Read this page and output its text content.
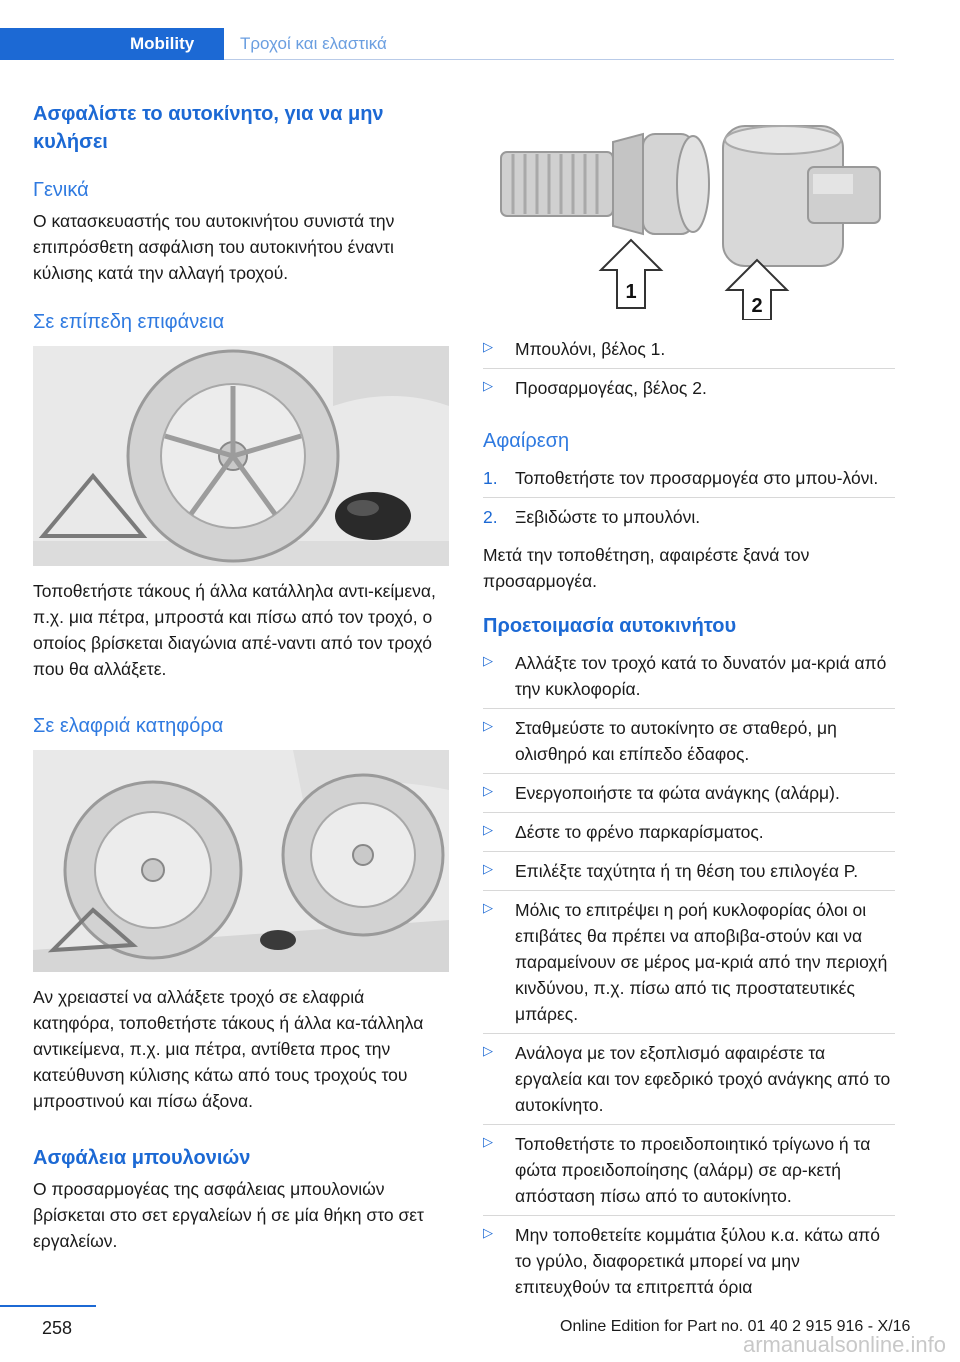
Mobility	Τροχοί και ελαστικά
Ασφαλίστε το αυτοκίνητο, για να μην κυλήσει
Γενικά

Ο κατασκευαστής του αυτοκινήτου συνιστά την επιπρόσθετη ασφάλιση του αυτοκινήτου έναντι κύλισης κατά την αλλαγή τροχού.

Σε επίπεδη επιφάνεια

Τοποθετήστε τάκους ή άλλα κατάλληλα αντι-κείμενα, π.χ. μια πέτρα, μπροστά και πίσω από τον τροχό, ο οποίος βρίσκεται διαγώνια απέ-ναντι από τον τροχό που θα αλλάξετε.

Σε ελαφριά κατηφόρα

Αν χρειαστεί να αλλάξετε τροχό σε ελαφριά κατηφόρα, τοποθετήστε τάκους ή άλλα κα-τάλληλα αντικείμενα, π.χ. μια πέτρα, αντίθετα προς την κατεύθυνση κύλισης κάτω από τους τροχούς του μπροστινού και πίσω άξονα.

Ασφάλεια μπουλονιών

Ο προσαρμογέας της ασφάλειας μπουλονιών βρίσκεται στο σετ εργαλείων ή σε μία θήκη στο σετ εργαλείων.

1
2
▷ Μπουλόνι, βέλος 1.
▷ Προσαρμογέας, βέλος 2.
Αφαίρεση
1. Τοποθετήστε τον προσαρμογέα στο μπου-λόνι.
2. Ξεβιδώστε το μπουλόνι.

Μετά την τοποθέτηση, αφαιρέστε ξανά τον προσαρμογέα.

Προετοιμασία αυτοκινήτου
▷ Αλλάξτε τον τροχό κατά το δυνατόν μα-κριά από την κυκλοφορία.
▷ Σταθμεύστε το αυτοκίνητο σε σταθερό, μη ολισθηρό και επίπεδο έδαφος.
▷ Ενεργοποιήστε τα φώτα ανάγκης (αλάρμ).
▷ Δέστε το φρένο παρκαρίσματος.
▷ Επιλέξτε ταχύτητα ή τη θέση του επιλογέα P.
▷ Μόλις το επιτρέψει η ροή κυκλοφορίας όλοι οι επιβάτες θα πρέπει να αποβιβα-στούν και να παραμείνουν σε μέρος μα-κριά από την περιοχή κινδύνου, π.χ. πίσω από τις προστατευτικές μπάρες.
▷ Ανάλογα με τον εξοπλισμό αφαιρέστε τα εργαλεία και τον εφεδρικό τροχό ανάγκης από το αυτοκίνητο.
▷ Τοποθετήστε το προειδοποιητικό τρίγωνο ή τα φώτα προειδοποίησης (αλάρμ) σε αρ-κετή απόσταση πίσω από το αυτοκίνητο.
▷ Μην τοποθετείτε κομμάτια ξύλου κ.α. κάτω από το γρύλο, διαφορετικά μπορεί να μην επιτευχθούν τα επιτρεπτά όρια
258	Online Edition for Part no. 01 40 2 915 916 - X/16
armanualsonline.info
